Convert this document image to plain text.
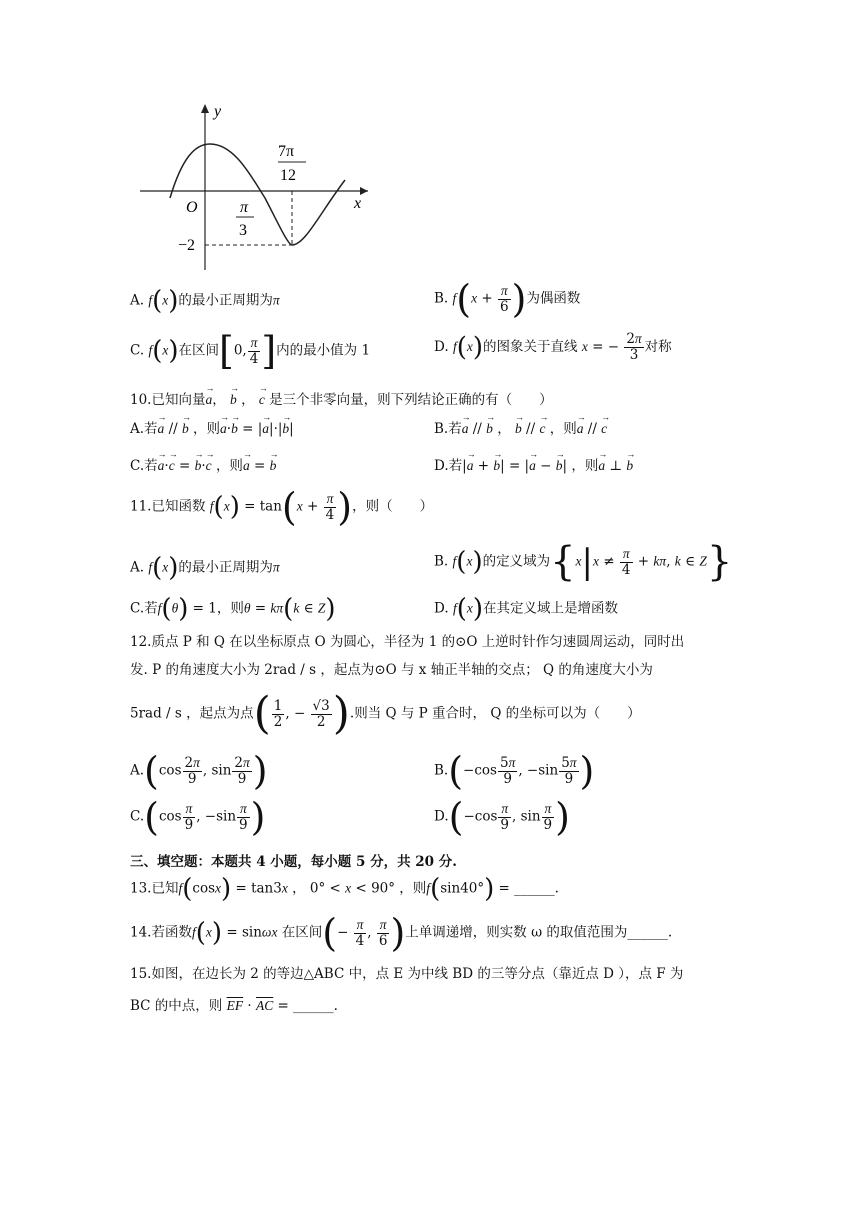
y
x
O
7π
12
π
3
−2
A. f(x)的最小正周期为π	B. $f(x + \frac{\pi}{6}$ )为偶函数
C. f(x)在区间[0, $\frac{\pi}{4}$ ]内的最小值为 1	D. f(x)的图象关于直线 x = − $\frac{2\pi}{3}$ 对称
10.已知向量→ a， → b ， → c 是三个非零向量，则下列结论正确的有（　　）
A.若→ a // → b ，则→ a·→ b = |→ a|·|→ b|	B.若→ a // → b ， → b // → c ，则→ a // → c
C.若→ a·→ c = → b·→ c ，则→ a = → b	D.若|→ a + → b| = |→ a − → b| ，则→ a ⊥ → b
11.已知函数 $f(x) = \tan(x + \frac{\pi}{4}$ )，则（　　）
A. f(x)的最小正周期为π	B. f(x)的定义域为{$x|x \ne \frac{\pi}{4} + k\pi$, k ∈ Z}
C.若f(θ) = 1，则θ = kπ(k ∈ Z)	D. f(x)在其定义域上是增函数
12.质点 P 和 Q 在以坐标原点 O 为圆心，半径为 1 的⊙O 上逆时针作匀速圆周运动，同时出
发. P 的角速度大小为 2rad / s ，起点为⊙O 与 x 轴正半轴的交点； Q 的角速度大小为
5rad / s ，起点为点( $\frac{1}{2}$ , − $\frac{√3}{2}$ ).则当 Q 与 P 重合时， Q 的坐标可以为（　　）
$A.(\cos \frac{2\pi}{9}$ , $\sin \frac{2\pi}{9}$ )	$B.(-\cos \frac{5\pi}{9}$ , $-\sin \frac{5\pi}{9}$ )
$C.(\cos \frac{\pi}{9}$ , $-\sin \frac{\pi}{9}$ )	$D.(-\cos \frac{\pi}{9}$ , $\sin \frac{\pi}{9}$ )
三、填空题：本题共 4 小题，每小题 5 分，共 20 分.
13.已知f(cosx) = tan3x ， 0° < x < 90° ，则f(sin40°) = ______.
14.若函数f(x) = sinωx 在区间(− $\frac{\pi}{4}$ , $\frac{\pi}{6}$ )上单调递增，则实数 ω 的取值范围为______.
15.如图，在边长为 2 的等边△ABC 中，点 E 为中线 BD 的三等分点（靠近点 D ），点 F 为
BC 的中点，则 $\overline{EF} \cdot \overline{AC}$ = ______.
